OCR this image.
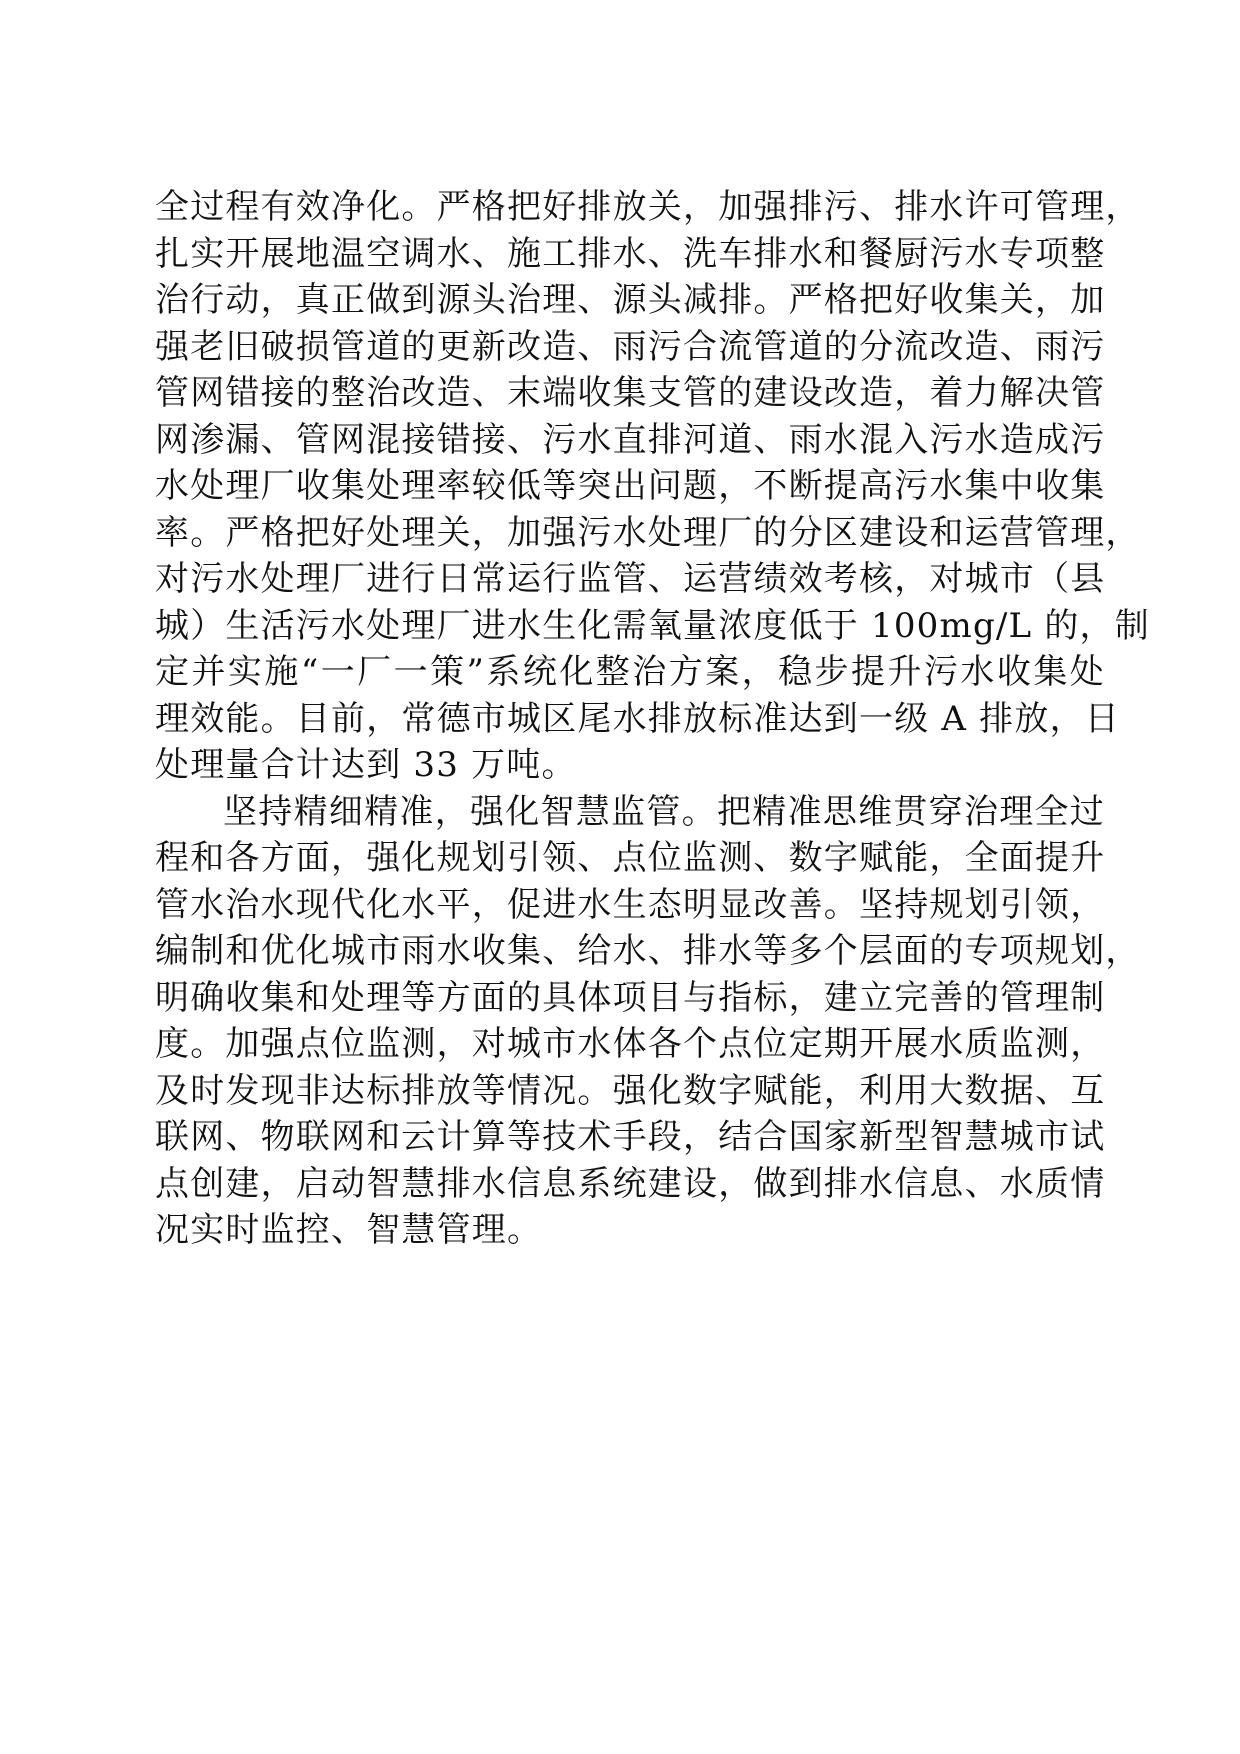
全过程有效净化。严格把好排放关，加强排污、排水许可管理，
扎实开展地温空调水、施工排水、洗车排水和餐厨污水专项整
治行动，真正做到源头治理、源头减排。严格把好收集关，加
强老旧破损管道的更新改造、雨污合流管道的分流改造、雨污
管网错接的整治改造、末端收集支管的建设改造，着力解决管
网渗漏、管网混接错接、污水直排河道、雨水混入污水造成污
水处理厂收集处理率较低等突出问题，不断提高污水集中收集
率。严格把好处理关，加强污水处理厂的分区建设和运营管理，
对污水处理厂进行日常运行监管、运营绩效考核，对城市（县
城）生活污水处理厂进水生化需氧量浓度低于 100mg/L 的，制
定并实施“一厂一策”系统化整治方案，稳步提升污水收集处
理效能。目前，常德市城区尾水排放标准达到一级 A 排放，日
处理量合计达到 33 万吨。
坚持精细精准，强化智慧监管。把精准思维贯穿治理全过
程和各方面，强化规划引领、点位监测、数字赋能，全面提升
管水治水现代化水平，促进水生态明显改善。坚持规划引领，
编制和优化城市雨水收集、给水、排水等多个层面的专项规划，
明确收集和处理等方面的具体项目与指标，建立完善的管理制
度。加强点位监测，对城市水体各个点位定期开展水质监测，
及时发现非达标排放等情况。强化数字赋能，利用大数据、互
联网、物联网和云计算等技术手段，结合国家新型智慧城市试
点创建，启动智慧排水信息系统建设，做到排水信息、水质情
况实时监控、智慧管理。
